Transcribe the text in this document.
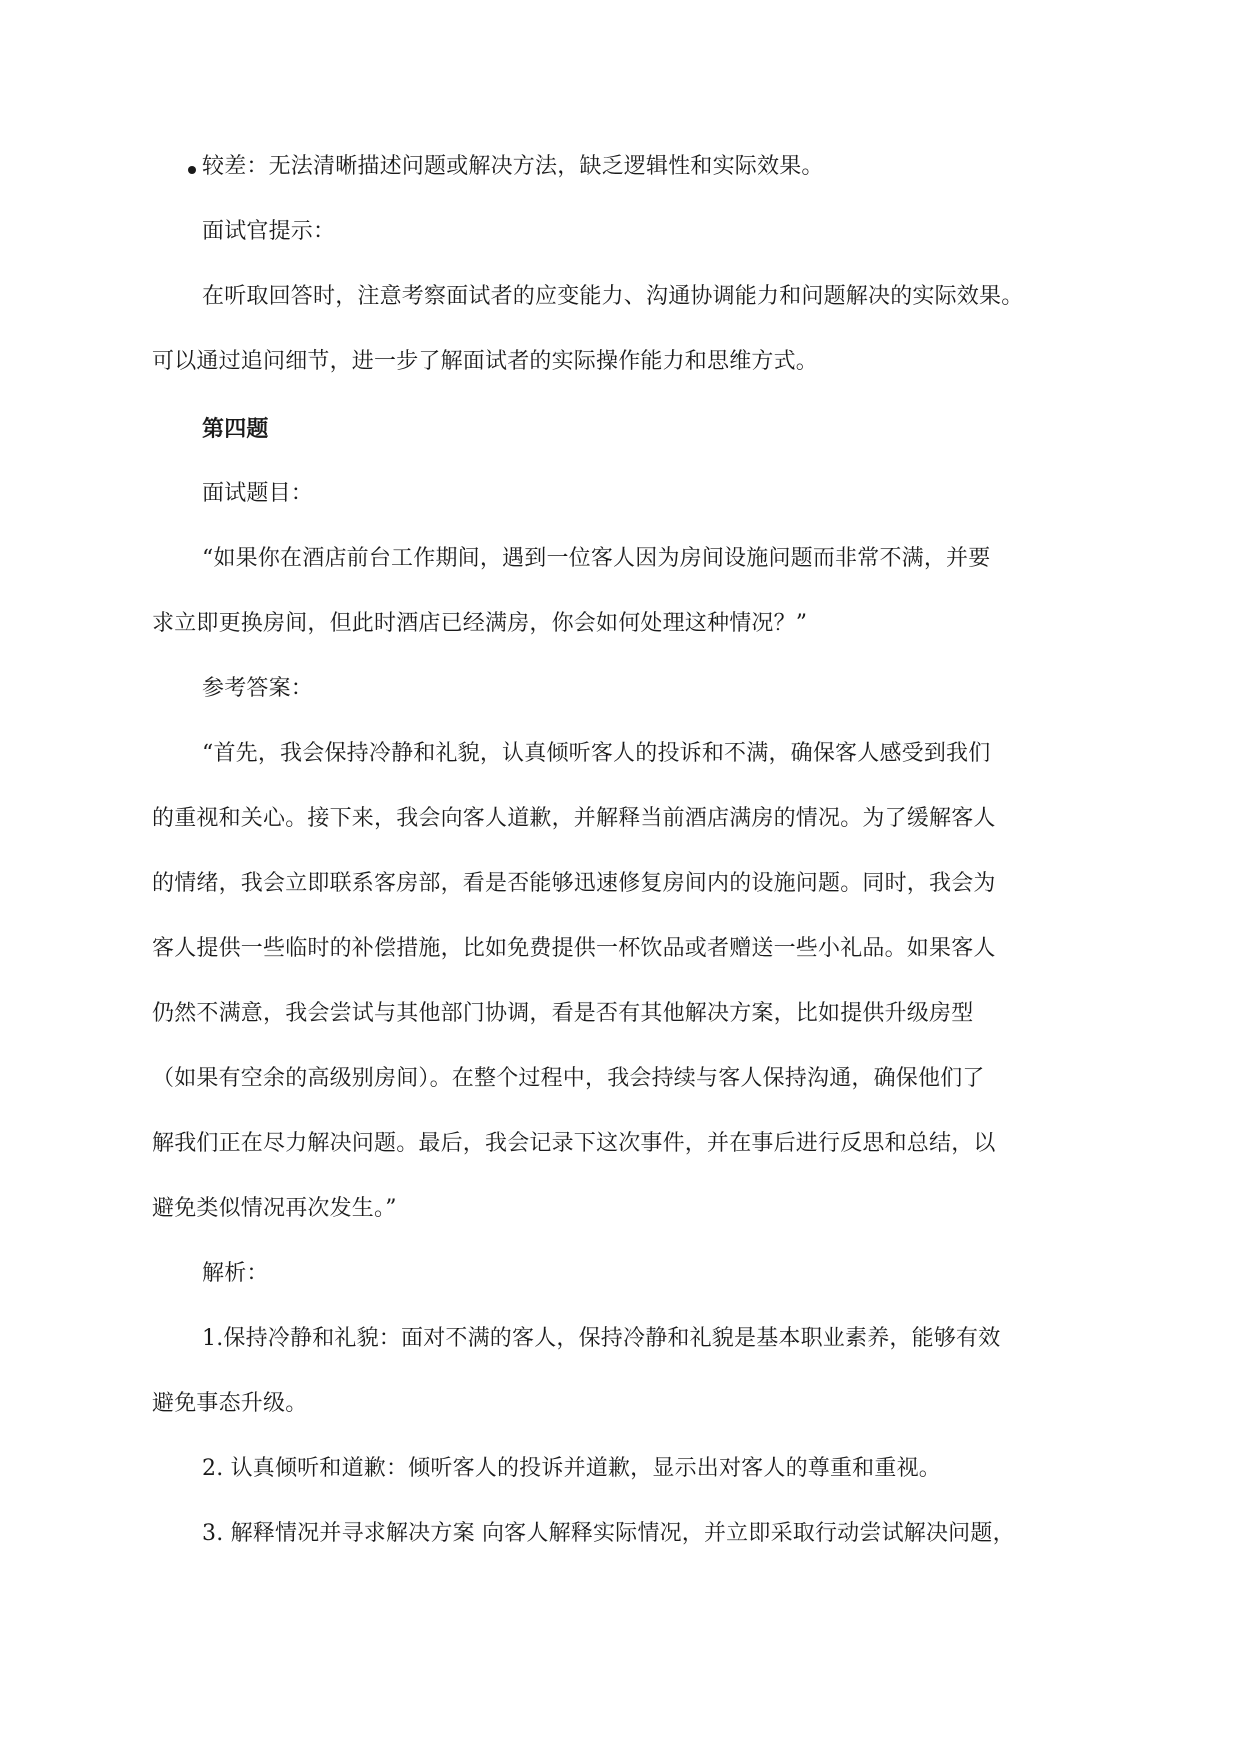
较差：无法清晰描述问题或解决方法，缺乏逻辑性和实际效果。
面试官提示：
在听取回答时，注意考察面试者的应变能力、沟通协调能力和问题解决的实际效果。
可以通过追问细节，进一步了解面试者的实际操作能力和思维方式。
第四题
面试题目：
“如果你在酒店前台工作期间，遇到一位客人因为房间设施问题而非常不满，并要
求立即更换房间，但此时酒店已经满房，你会如何处理这种情况？”
参考答案：
“首先，我会保持冷静和礼貌，认真倾听客人的投诉和不满，确保客人感受到我们
的重视和关心。接下来，我会向客人道歉，并解释当前酒店满房的情况。为了缓解客人
的情绪，我会立即联系客房部，看是否能够迅速修复房间内的设施问题。同时，我会为
客人提供一些临时的补偿措施，比如免费提供一杯饮品或者赠送一些小礼品。如果客人
仍然不满意，我会尝试与其他部门协调，看是否有其他解决方案，比如提供升级房型
（如果有空余的高级别房间）。在整个过程中，我会持续与客人保持沟通，确保他们了
解我们正在尽力解决问题。最后，我会记录下这次事件，并在事后进行反思和总结，以
避免类似情况再次发生。”
解析：
1.保持冷静和礼貌：面对不满的客人，保持冷静和礼貌是基本职业素养，能够有效
避免事态升级。
2. 认真倾听和道歉：倾听客人的投诉并道歉，显示出对客人的尊重和重视。
3. 解释情况并寻求解决方案 向客人解释实际情况，并立即采取行动尝试解决问题，
